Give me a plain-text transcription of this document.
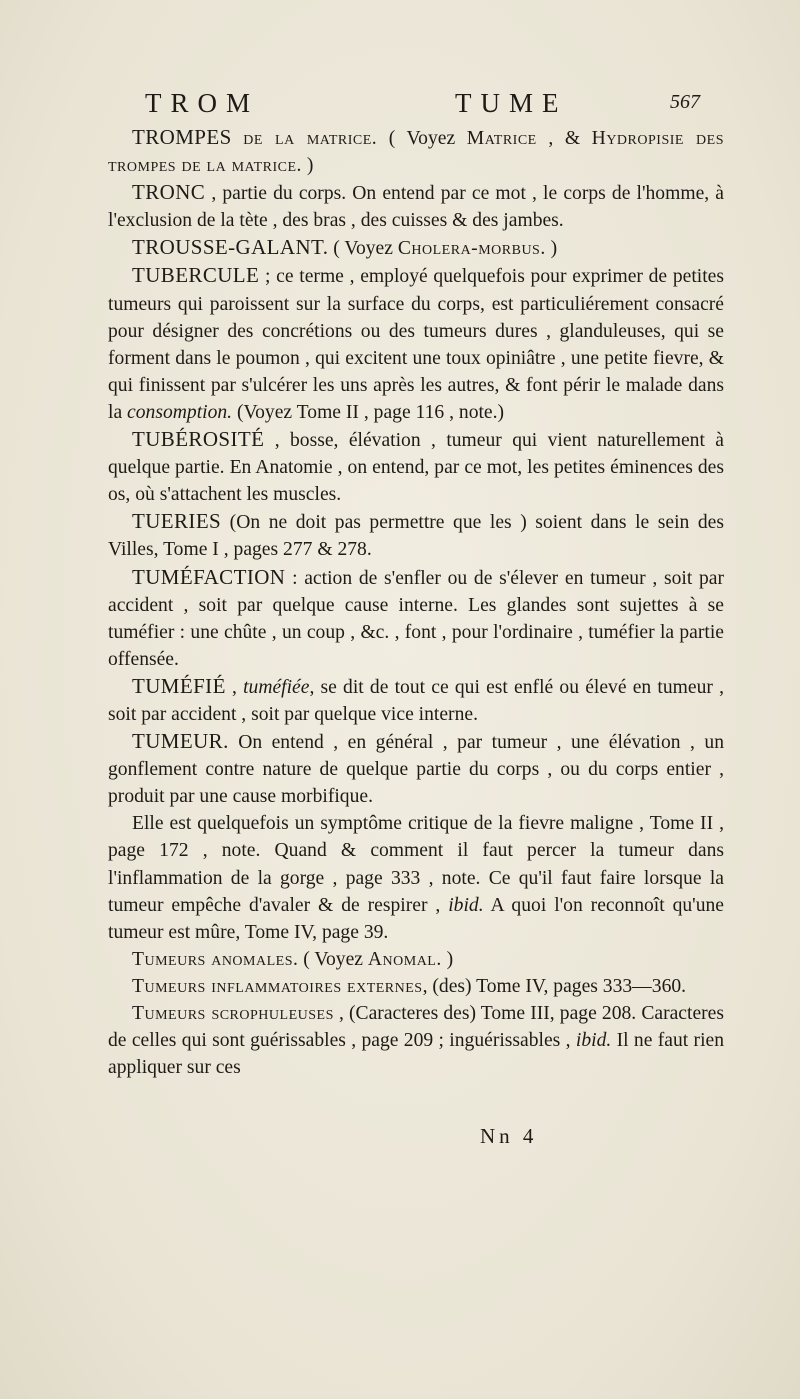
TROM	TUME	567

TROMPES de la matrice. ( Voyez Matrice , & Hydropisie des trompes de la matrice. )

TRONC , partie du corps. On entend par ce mot , le corps de l'homme, à l'exclusion de la tète , des bras , des cuisses & des jambes.

TROUSSE-GALANT. ( Voyez Cholera-morbus. )

TUBERCULE ; ce terme , employé quelquefois pour exprimer de petites tumeurs qui paroissent sur la surface du corps, est particuliérement consacré pour désigner des concrétions ou des tumeurs dures , glanduleuses, qui se forment dans le poumon , qui excitent une toux opiniâtre , une petite fievre, & qui finissent par s'ulcérer les uns après les autres, & font périr le malade dans la consomption. (Voyez Tome II , page 116 , note.)

TUBÉROSITÉ , bosse, élévation , tumeur qui vient naturellement à quelque partie. En Anatomie , on entend, par ce mot, les petites éminences des os, où s'attachent les muscles.

TUERIES (On ne doit pas permettre que les ) soient dans le sein des Villes, Tome I , pages 277 & 278.

TUMÉFACTION : action de s'enfler ou de s'élever en tumeur , soit par accident , soit par quelque cause interne. Les glandes sont sujettes à se tuméfier : une chûte , un coup , &c. , font , pour l'ordinaire , tuméfier la partie offensée.

TUMÉFIÉ , tuméfiée, se dit de tout ce qui est enflé ou élevé en tumeur , soit par accident , soit par quelque vice interne.

TUMEUR. On entend , en général , par tumeur , une élévation , un gonflement contre nature de quelque partie du corps , ou du corps entier , produit par une cause morbifique.

Elle est quelquefois un symptôme critique de la fievre maligne , Tome II , page 172 , note. Quand & comment il faut percer la tumeur dans l'inflammation de la gorge , page 333 , note. Ce qu'il faut faire lorsque la tumeur empêche d'avaler & de respirer , ibid. A quoi l'on reconnoît qu'une tumeur est mûre, Tome IV, page 39.

Tumeurs anomales. ( Voyez Anomal. )

Tumeurs inflammatoires externes, (des) Tome IV, pages 333—360.

Tumeurs scrophuleuses , (Caracteres des) Tome III, page 208. Caracteres de celles qui sont guérissables , page 209 ; inguérissables , ibid. Il ne faut rien appliquer sur ces

Nn 4
